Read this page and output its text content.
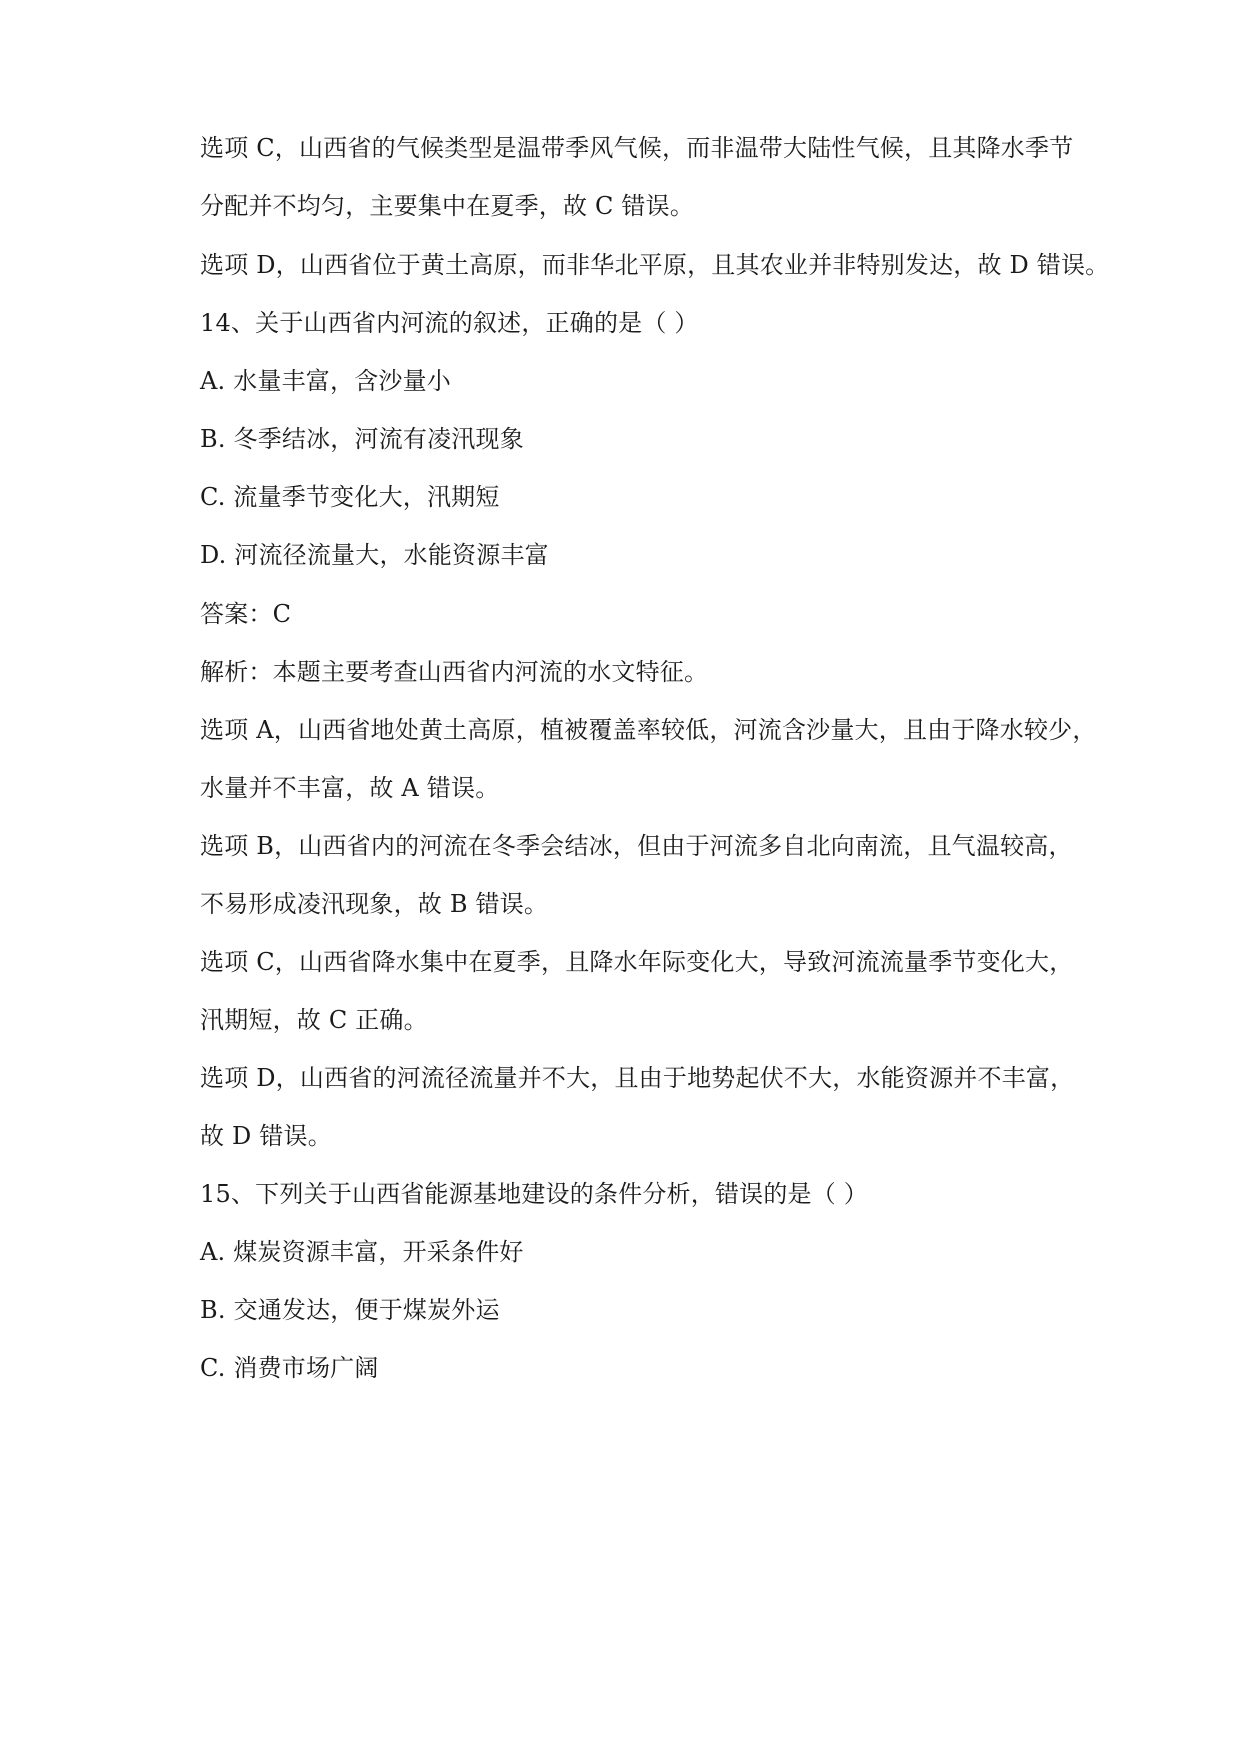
选项 C，山西省的气候类型是温带季风气候，而非温带大陆性气候，且其降水季节
分配并不均匀，主要集中在夏季，故 C 错误。
选项 D，山西省位于黄土高原，而非华北平原，且其农业并非特别发达，故 D 错误。
14、关于山西省内河流的叙述，正确的是（ ）
A. 水量丰富，含沙量小
B. 冬季结冰，河流有凌汛现象
C. 流量季节变化大，汛期短
D. 河流径流量大，水能资源丰富
答案：C
解析：本题主要考查山西省内河流的水文特征。
选项 A，山西省地处黄土高原，植被覆盖率较低，河流含沙量大，且由于降水较少，
水量并不丰富，故 A 错误。
选项 B，山西省内的河流在冬季会结冰，但由于河流多自北向南流，且气温较高，
不易形成凌汛现象，故 B 错误。
选项 C，山西省降水集中在夏季，且降水年际变化大，导致河流流量季节变化大，
汛期短，故 C 正确。
选项 D，山西省的河流径流量并不大，且由于地势起伏不大，水能资源并不丰富，
故 D 错误。
15、下列关于山西省能源基地建设的条件分析，错误的是（ ）
A. 煤炭资源丰富，开采条件好
B. 交通发达，便于煤炭外运
C. 消费市场广阔
